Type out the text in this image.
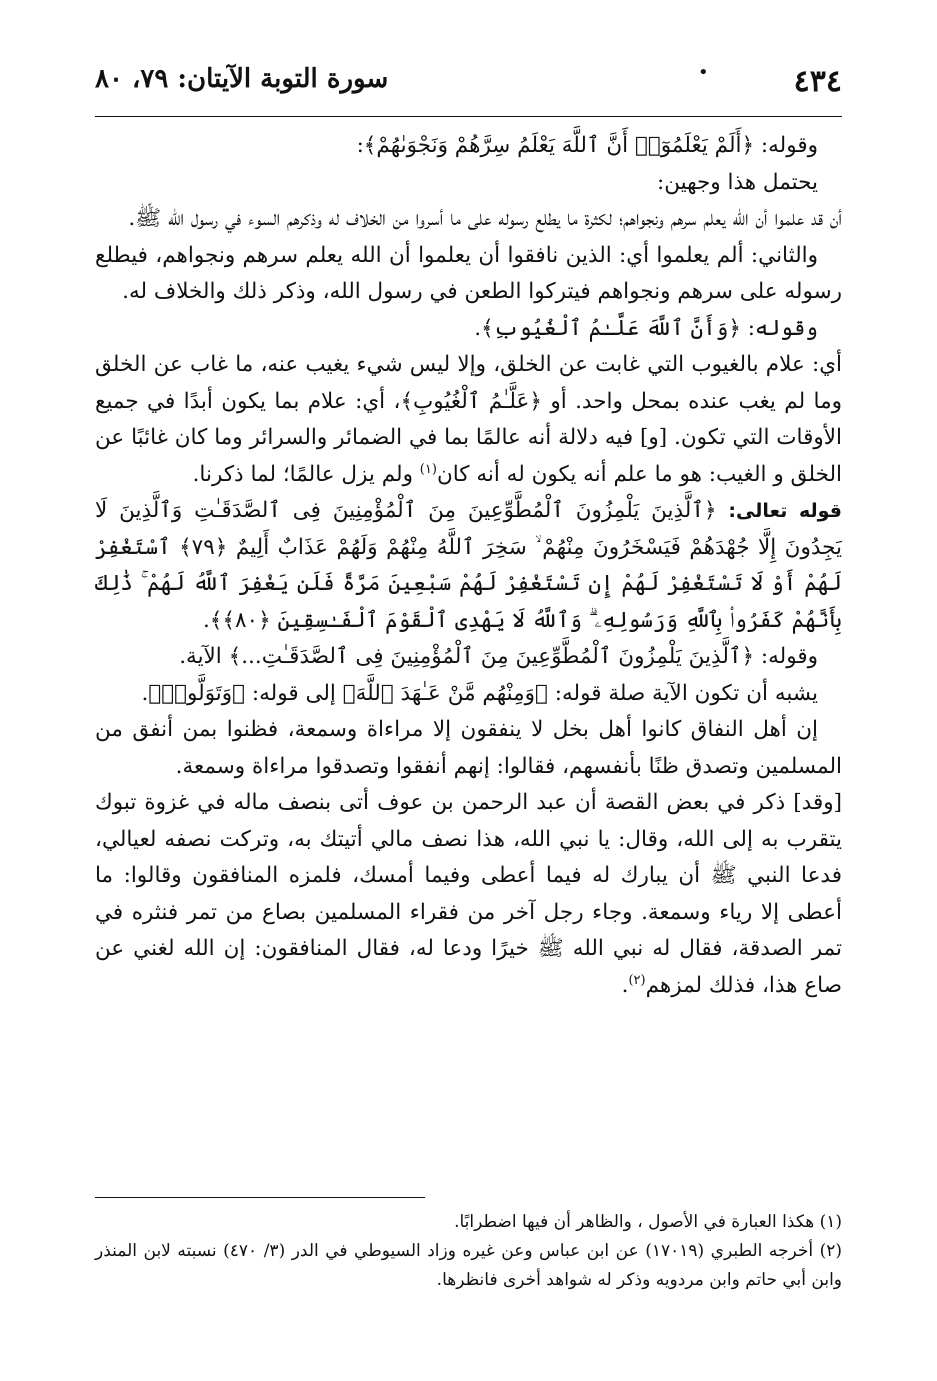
٤٣٤
سورة التوبة الآيتان: ٧٩، ٨٠	•

وقوله: ﴿أَلَمْ يَعْلَمُوٓا۟ أَنَّ ٱللَّهَ يَعْلَمُ سِرَّهُمْ وَنَجْوَىٰهُمْ﴾:

يحتمل هذا وجهين:

أن قد علموا أن الله يعلم سرهم ونجواهم؛ لكثرة ما يطلع رسوله على ما أسروا من الخلاف له وذكرهم السوء في رسول الله ﷺ.

والثاني: ألم يعلموا أي: الذين نافقوا أن يعلموا أن الله يعلم سرهم ونجواهم، فيطلع رسوله على سرهم ونجواهم فيتركوا الطعن في رسول الله، وذكر ذلك والخلاف له.

وقوله: ﴿وَأَنَّ ٱللَّهَ عَلَّـٰمُ ٱلْغُيُوبِ﴾.

أي: علام بالغيوب التي غابت عن الخلق، وإلا ليس شيء يغيب عنه، ما غاب عن الخلق وما لم يغب عنده بمحل واحد. أو ﴿عَلَّـٰمُ ٱلْغُيُوبِ﴾، أي: علام بما يكون أبدًا في جميع الأوقات التي تكون. [و] فيه دلالة أنه عالمًا بما في الضمائر والسرائر وما كان غائبًا عن الخلق و الغيب: هو ما علم أنه يكون له أنه كان$^{(١)}$ ولم يزل عالمًا؛ لما ذكرنا.

قوله تعالى: ﴿ٱلَّذِينَ يَلْمِزُونَ ٱلْمُطَّوِّعِينَ مِنَ ٱلْمُؤْمِنِينَ فِى ٱلصَّدَقَـٰتِ وَٱلَّذِينَ لَا يَجِدُونَ إِلَّا جُهْدَهُمْ فَيَسْخَرُونَ مِنْهُمْ ۙ سَخِرَ ٱللَّهُ مِنْهُمْ وَلَهُمْ عَذَابٌ أَلِيمٌ ﴿٧٩﴾ ٱسْتَغْفِرْ لَهُمْ أَوْ لَا تَسْتَغْفِرْ لَهُمْ إِن تَسْتَغْفِرْ لَهُمْ سَبْعِينَ مَرَّةً فَلَن يَغْفِرَ ٱللَّهُ لَهُمْ ۚ ذَٰلِكَ بِأَنَّهُمْ كَفَرُوا۟ بِٱللَّهِ وَرَسُولِهِۦ ۗ وَٱللَّهُ لَا يَهْدِى ٱلْقَوْمَ ٱلْفَـٰسِقِينَ ﴿٨٠﴾﴾.

وقوله: ﴿ٱلَّذِينَ يَلْمِزُونَ ٱلْمُطَّوِّعِينَ مِنَ ٱلْمُؤْمِنِينَ فِى ٱلصَّدَقَـٰتِ...﴾ الآية.

يشبه أن تكون الآية صلة قوله: ﴿وَمِنْهُم مَّنْ عَـٰهَدَ ٱللَّهَ﴾ إلى قوله: ﴿وَتَوَلَّوا۟﴾.

إن أهل النفاق كانوا أهل بخل لا ينفقون إلا مراءاة وسمعة، فظنوا بمن أنفق من المسلمين وتصدق ظنًا بأنفسهم، فقالوا: إنهم أنفقوا وتصدقوا مراءاة وسمعة.

[وقد] ذكر في بعض القصة أن عبد الرحمن بن عوف أتى بنصف ماله في غزوة تبوك يتقرب به إلى الله، وقال: يا نبي الله، هذا نصف مالي أتيتك به، وتركت نصفه لعيالي، فدعا النبي ﷺ أن يبارك له فيما أعطى وفيما أمسك، فلمزه المنافقون وقالوا: ما أعطى إلا رياء وسمعة. وجاء رجل آخر من فقراء المسلمين بصاع من تمر فنثره في تمر الصدقة، فقال له نبي الله ﷺ خيرًا ودعا له، فقال المنافقون: إن الله لغني عن صاع هذا، فذلك لمزهم$^{(٢)}$.

(١) هكذا العبارة في الأصول ، والظاهر أن فيها اضطرابًا.

(٢) أخرجه الطبري (١٧٠١٩) عن ابن عباس وعن غيره وزاد السيوطي في الدر (٣/ ٤٧٠) نسبته لابن المنذر وابن أبي حاتم وابن مردويه وذكر له شواهد أخرى فانظرها.
